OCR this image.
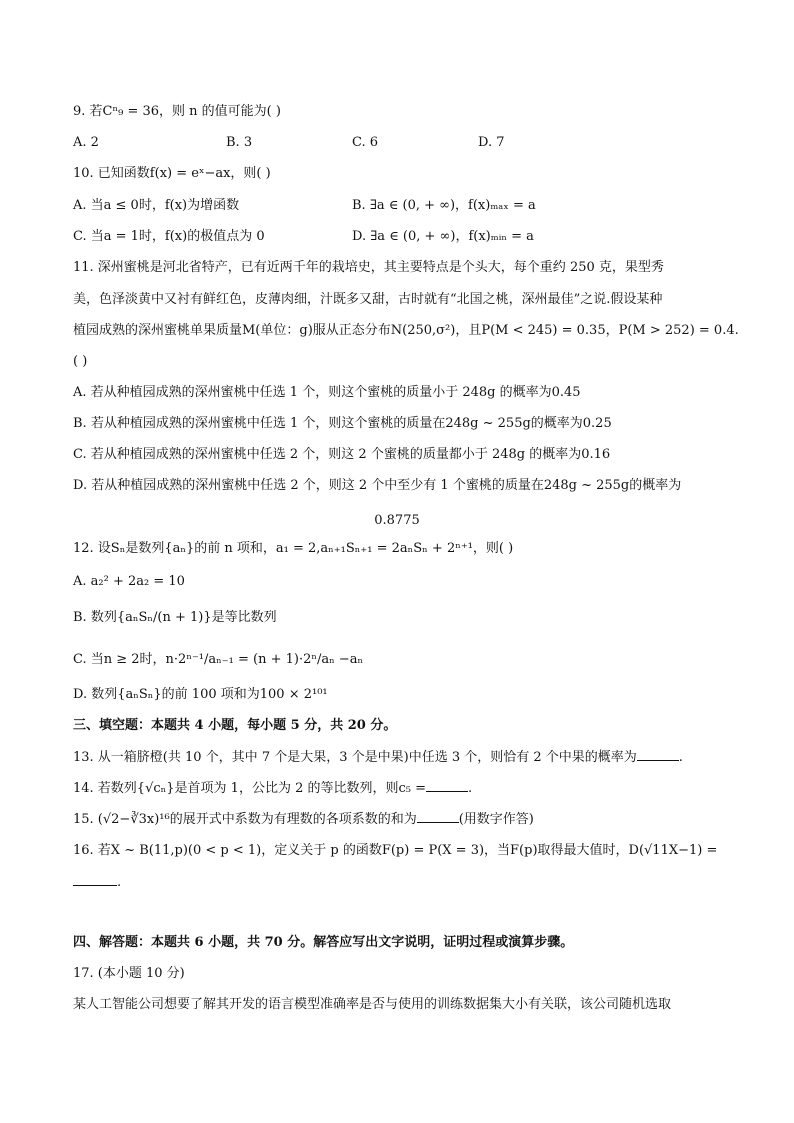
9. 若Cⁿ₉ = 36，则 n 的值可能为( )
A. 2	B. 3	C. 6	D. 7
10. 已知函数f(x) = eˣ−ax，则( )
A. 当a ≤ 0时，f(x)为增函数	B. ∃a ∈ (0, + ∞)，f(x)ₘₐₓ = a
C. 当a = 1时，f(x)的极值点为 0	D. ∃a ∈ (0, + ∞)，f(x)ₘᵢₙ = a
11. 深州蜜桃是河北省特产，已有近两千年的栽培史，其主要特点是个头大，每个重约 250 克，果型秀
美，色泽淡黄中又衬有鲜红色，皮薄肉细，汁既多又甜，古时就有“北国之桃，深州最佳”之说.假设某种
植园成熟的深州蜜桃单果质量M(单位：g)服从正态分布N(250,σ²)，且P(M < 245) = 0.35，P(M > 252) = 0.4.
( )
A. 若从种植园成熟的深州蜜桃中任选 1 个，则这个蜜桃的质量小于 248g 的概率为0.45
B. 若从种植园成熟的深州蜜桃中任选 1 个，则这个蜜桃的质量在248g ~ 255g的概率为0.25
C. 若从种植园成熟的深州蜜桃中任选 2 个，则这 2 个蜜桃的质量都小于 248g 的概率为0.16
D. 若从种植园成熟的深州蜜桃中任选 2 个，则这 2 个中至少有 1 个蜜桃的质量在248g ~ 255g的概率为
0.8775
12. 设Sₙ是数列{aₙ}的前 n 项和，a₁ = 2,aₙ₊₁Sₙ₊₁ = 2aₙSₙ + 2ⁿ⁺¹，则( )
A. a₂² + 2a₂ = 10
B. 数列{aₙSₙ/(n + 1)}是等比数列
C. 当n ≥ 2时，n·2ⁿ⁻¹/aₙ₋₁ = (n + 1)·2ⁿ/aₙ −aₙ
D. 数列{aₙSₙ}的前 100 项和为100 × 2¹⁰¹
三、填空题：本题共 4 小题，每小题 5 分，共 20 分。
13. 从一箱脐橙(共 10 个，其中 7 个是大果，3 个是中果)中任选 3 个，则恰有 2 个中果的概率为	.
14. 若数列{√cₙ}是首项为 1，公比为 2 的等比数列，则c₅ =	.
15. (√2−∛3x)¹⁶的展开式中系数为有理数的各项系数的和为	(用数字作答)
16. 若X ~ B(11,p)(0 < p < 1)，定义关于 p 的函数F(p) = P(X = 3)，当F(p)取得最大值时，D(√11X−1) =
.
四、解答题：本题共 6 小题，共 70 分。解答应写出文字说明，证明过程或演算步骤。
17. (本小题 10 分)
某人工智能公司想要了解其开发的语言模型准确率是否与使用的训练数据集大小有关联，该公司随机选取
